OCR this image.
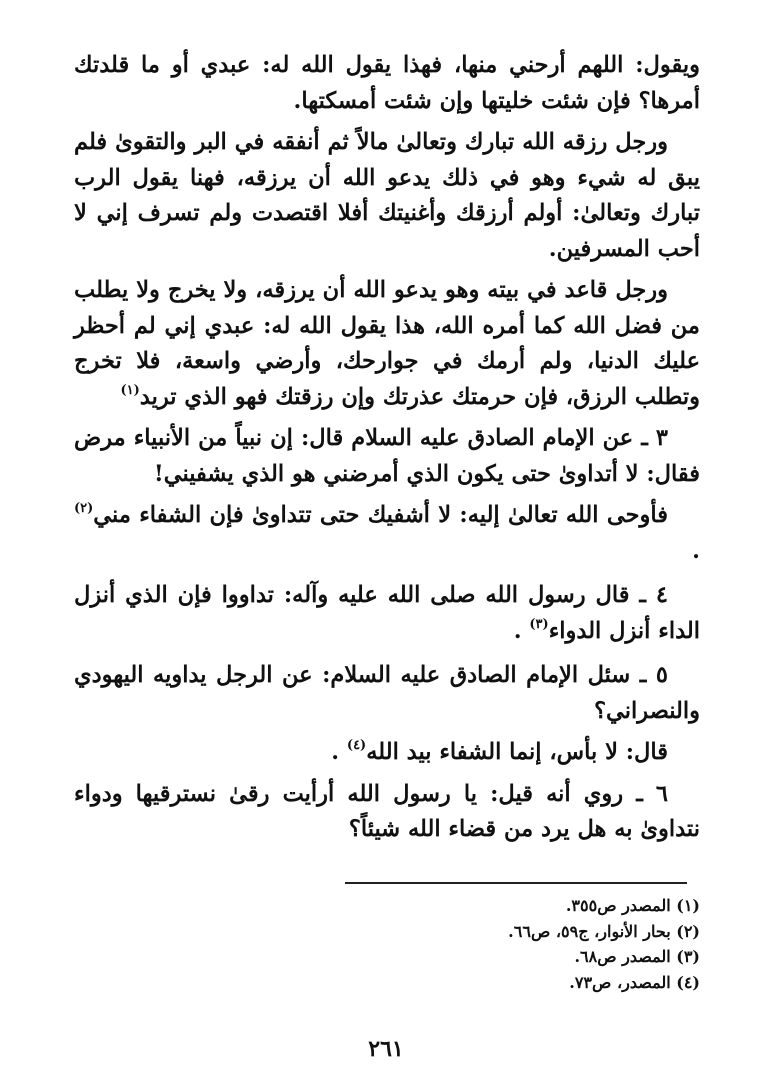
ويقول: اللهم أرحني منها، فهذا يقول الله له: عبدي أو ما قلدتك أمرها؟ فإن شئت خليتها وإن شئت أمسكتها.

ورجل رزقه الله تبارك وتعالىٰ مالاً ثم أنفقه في البر والتقوىٰ فلم يبق له شيء وهو في ذلك يدعو الله أن يرزقه، فهنا يقول الرب تبارك وتعالىٰ: أولم أرزقك وأغنيتك أفلا اقتصدت ولم تسرف إني لا أحب المسرفين.

ورجل قاعد في بيته وهو يدعو الله أن يرزقه، ولا يخرج ولا يطلب من فضل الله كما أمره الله، هذا يقول الله له: عبدي إني لم أحظر عليك الدنيا، ولم أرمك في جوارحك، وأرضي واسعة، فلا تخرج وتطلب الرزق، فإن حرمتك عذرتك وإن رزقتك فهو الذي تريد$^{(١)}$

٣ ـ عن الإمام الصادق عليه السلام قال: إن نبياً من الأنبياء مرض فقال: لا أتداوىٰ حتى يكون الذي أمرضني هو الذي يشفيني!

فأوحى الله تعالىٰ إليه: لا أشفيك حتى تتداوىٰ فإن الشفاء مني$^{(٢)}$ .

٤ ـ قال رسول الله صلى الله عليه وآله: تداووا فإن الذي أنزل الداء أنزل الدواء$^{(٣)}$ .

٥ ـ سئل الإمام الصادق عليه السلام: عن الرجل يداويه اليهودي والنصراني؟

قال: لا بأس، إنما الشفاء بيد الله$^{(٤)}$ .

٦ ـ روي أنه قيل: يا رسول الله أرأيت رقىٰ نسترقيها ودواء نتداوىٰ به هل يرد من قضاء الله شيئاً؟

(١) المصدر ص٣٥٥.

(٢) بحار الأنوار، ج٥٩، ص٦٦.

(٣) المصدر ص٦٨.

(٤) المصدر، ص٧٣.

٢٦١
